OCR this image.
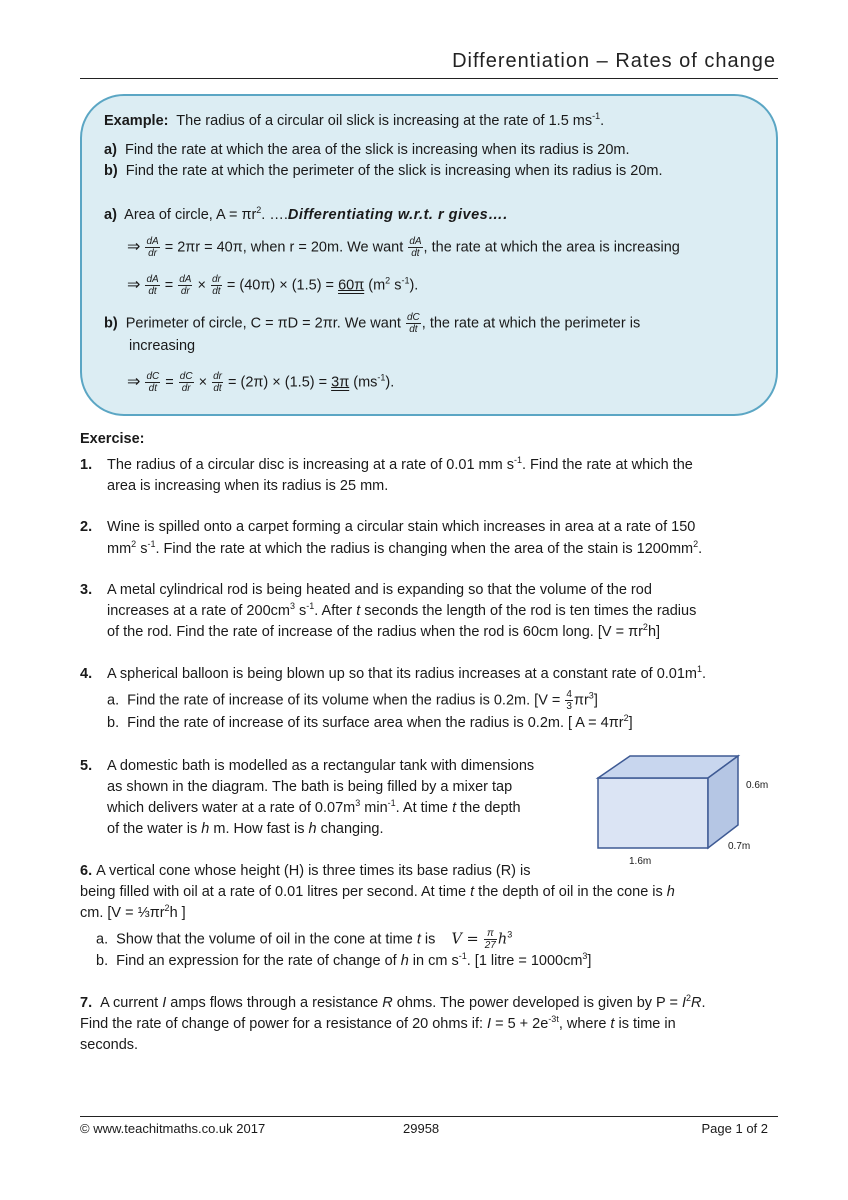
Differentiation – Rates of change
Example: The radius of a circular oil slick is increasing at the rate of 1.5 $ms^{-1}$.
a) Find the rate at which the area of the slick is increasing when its radius is 20m.
b) Find the rate at which the perimeter of the slick is increasing when its radius is 20m.
a) Area of circle, $A = \pi r^2$. ….Differentiating w.r.t. r gives….
⇒ $\frac{dA}{dr} = 2\pi r = 40\pi$, when r = 20m. We want $\frac{dA}{dt}$ , the rate at which the area is increasing
⇒ $\frac{dA}{dt} = \frac{dA}{dr} \times \frac{dr}{dt} = (40\pi) \times (1.5) = 60\pi$ ($m^2$ $s^{-1}$).
b) Perimeter of circle, C = πD = 2πr. We want $\frac{dC}{dt}$ , the rate at which the perimeter is
increasing
⇒ $\frac{dC}{dt} = \frac{dC}{dr} \times \frac{dr}{dt} = (2\pi) \times (1.5) = 3\pi$ $(ms^{-1})$.
Exercise:
1. The radius of a circular disc is increasing at a rate of 0.01 mm $s^{-1}$. Find the rate at which the
area is increasing when its radius is 25 mm.
2. Wine is spilled onto a carpet forming a circular stain which increases in area at a rate of 150
$mm^2$ $s^{-1}$. Find the rate at which the radius is changing when the area of the stain is $1200mm^2$.
3. A metal cylindrical rod is being heated and is expanding so that the volume of the rod
increases at a rate of $200cm^3$ $s^{-1}$. After t seconds the length of the rod is ten times the radius
of the rod. Find the rate of increase of the radius when the rod is 60cm long. $[V = \pi r^2h]$
4. A spherical balloon is being blown up so that its radius increases at a constant rate of $0.01m^1$.
a. Find the rate of increase of its volume when the radius is 0.2m. $[V = \frac{4}{3} \pi r^3]$
b. Find the rate of increase of its surface area when the radius is 0.2m. [ $A = 4\pi r^2$]
5. A domestic bath is modelled as a rectangular tank with dimensions
as shown in the diagram. The bath is being filled by a mixer tap
which delivers water at a rate of $0.07m^3$ $\min^{-1}$. At time t the depth
of the water is h m. How fast is h changing.
0.6m
0.7m
1.6m
6. A vertical cone whose height (H) is three times its base radius (R) is
being filled with oil at a rate of 0.01 litres per second. At time t the depth of oil in the cone is h
cm. [$V = \frac{1}{3}\pi r^2h$ ]
a. Show that the volume of oil in the cone at time t is $V = \frac{\pi}{27} h^3$
b. Find an expression for the rate of change of h in cm $s^{-1}$. [1 litre = $1000cm^3$]
7. A current I amps flows through a resistance R ohms. The power developed is given by $P = I^2R$.
Find the rate of change of power for a resistance of 20 ohms if: $I = 5 + 2e^{-3t}$, where t is time in
seconds.
© www.teachitmaths.co.uk 2017	29958	Page 1 of 2
